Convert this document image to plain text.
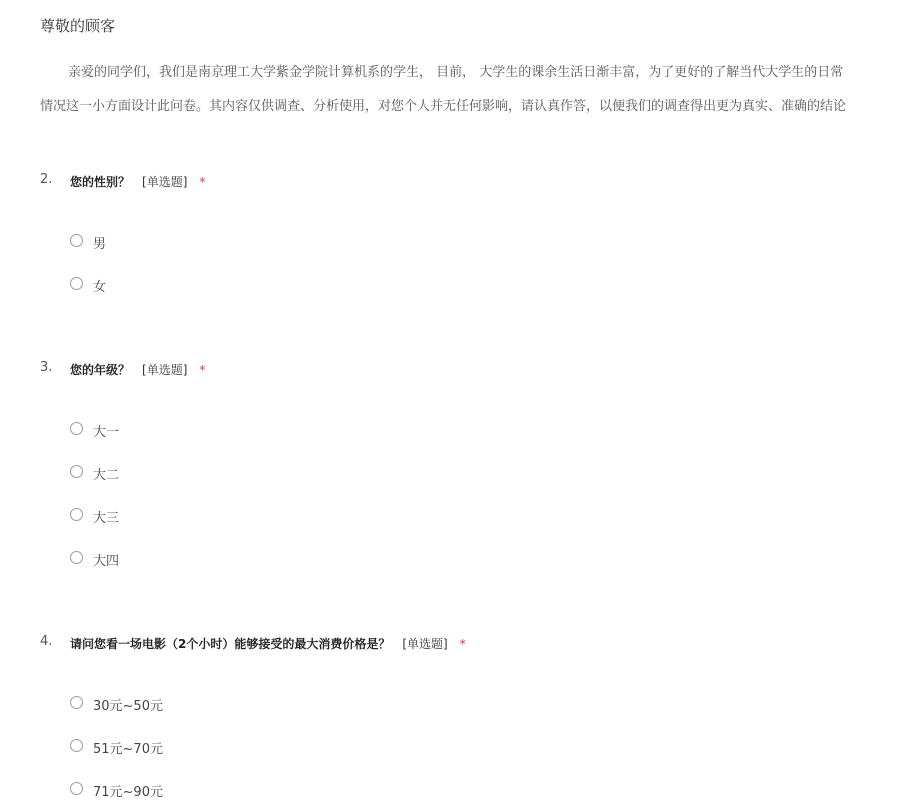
尊敬的顾客
亲爱的同学们，我们是南京理工大学紫金学院计算机系的学生， 目前， 大学生的课余生活日渐丰富，为了更好的了解当代大学生的日常
情况这一小方面设计此问卷。其内容仅供调查、分析使用，对您个人并无任何影响，请认真作答，以便我们的调查得出更为真实、准确的结论
2. 您的性别？ [单选题] *
男
女
3. 您的年级？ [单选题] *
大一
大二
大三
大四
4. 请问您看一场电影（2个小时）能够接受的最大消费价格是？ [单选题] *
30元~50元
51元~70元
71元~90元
